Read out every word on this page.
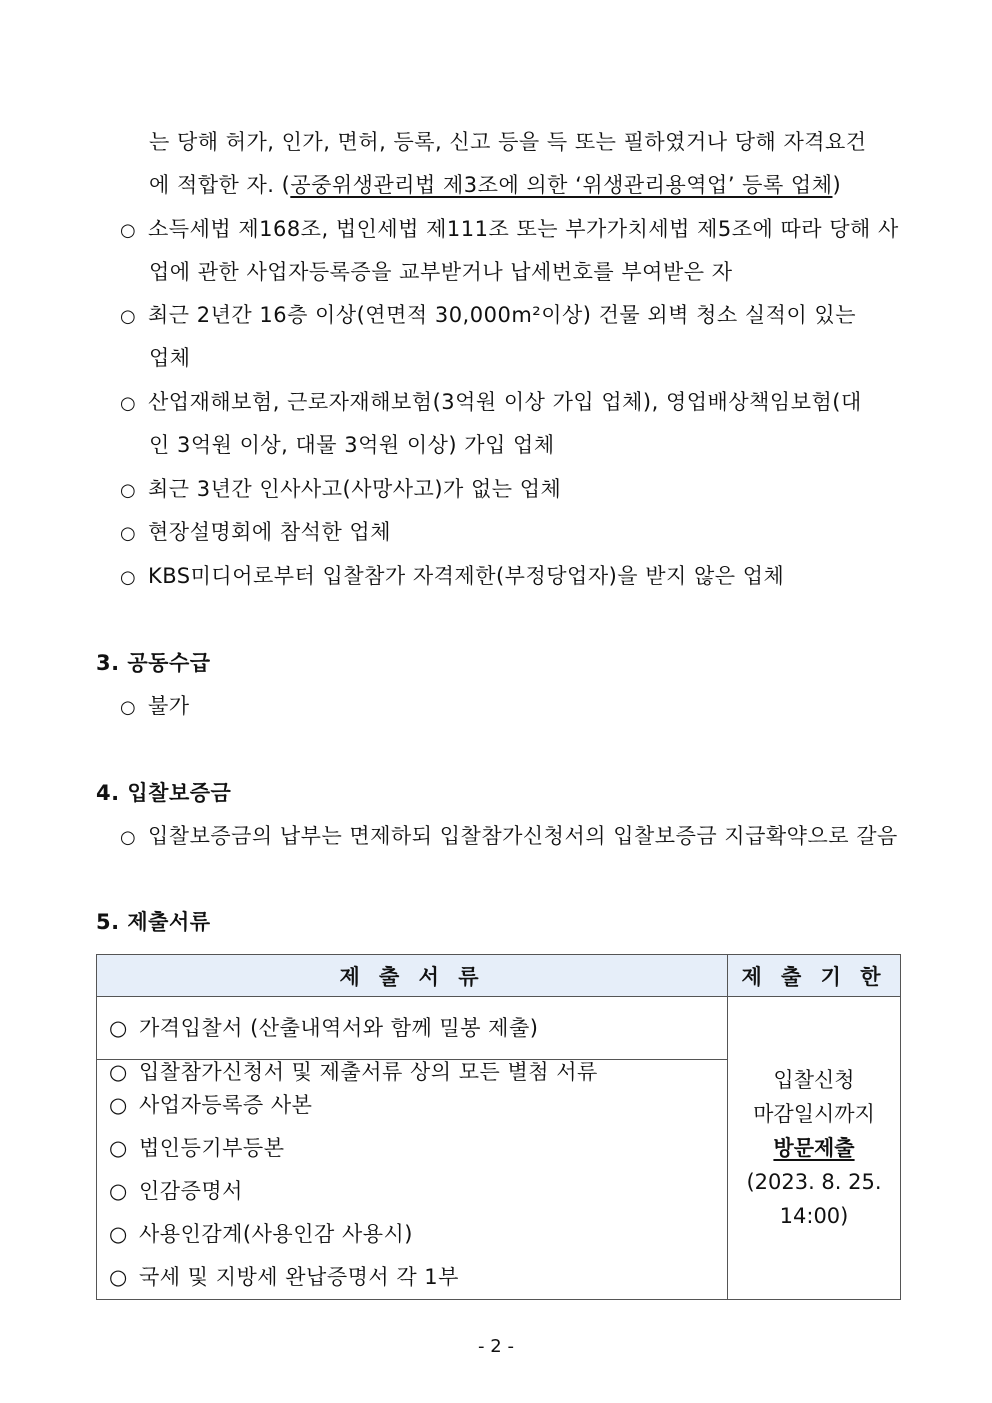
는 당해 허가, 인가, 면허, 등록, 신고 등을 득 또는 필하였거나 당해 자격요건
에 적합한 자. (공중위생관리법 제3조에 의한 ‘위생관리용역업’ 등록 업체)
○ 소득세법 제168조, 법인세법 제111조 또는 부가가치세법 제5조에 따라 당해 사
업에 관한 사업자등록증을 교부받거나 납세번호를 부여받은 자
○ 최근 2년간 16층 이상(연면적 30,000m²이상) 건물 외벽 청소 실적이 있는
업체
○ 산업재해보험, 근로자재해보험(3억원 이상 가입 업체), 영업배상책임보험(대
인 3억원 이상, 대물 3억원 이상) 가입 업체
○ 최근 3년간 인사사고(사망사고)가 없는 업체
○ 현장설명회에 참석한 업체
○ KBS미디어로부터 입찰참가 자격제한(부정당업자)을 받지 않은 업체
3. 공동수급
○ 불가
4. 입찰보증금
○ 입찰보증금의 납부는 면제하되 입찰참가신청서의 입찰보증금 지급확약으로 갈음
5. 제출서류
제 출 서 류	제 출 기 한
○ 가격입찰서 (산출내역서와 함께 밀봉 제출)	입찰신청
마감일시까지
방문제출
(2023. 8. 25.
14:00)

○ 입찰참가신청서 및 제출서류 상의 모든 별첨 서류	
○ 사업자등록증 사본	
○ 법인등기부등본	
○ 인감증명서	
○ 사용인감계(사용인감 사용시)	
○ 국세 및 지방세 완납증명서 각 1부	
- 2 -
